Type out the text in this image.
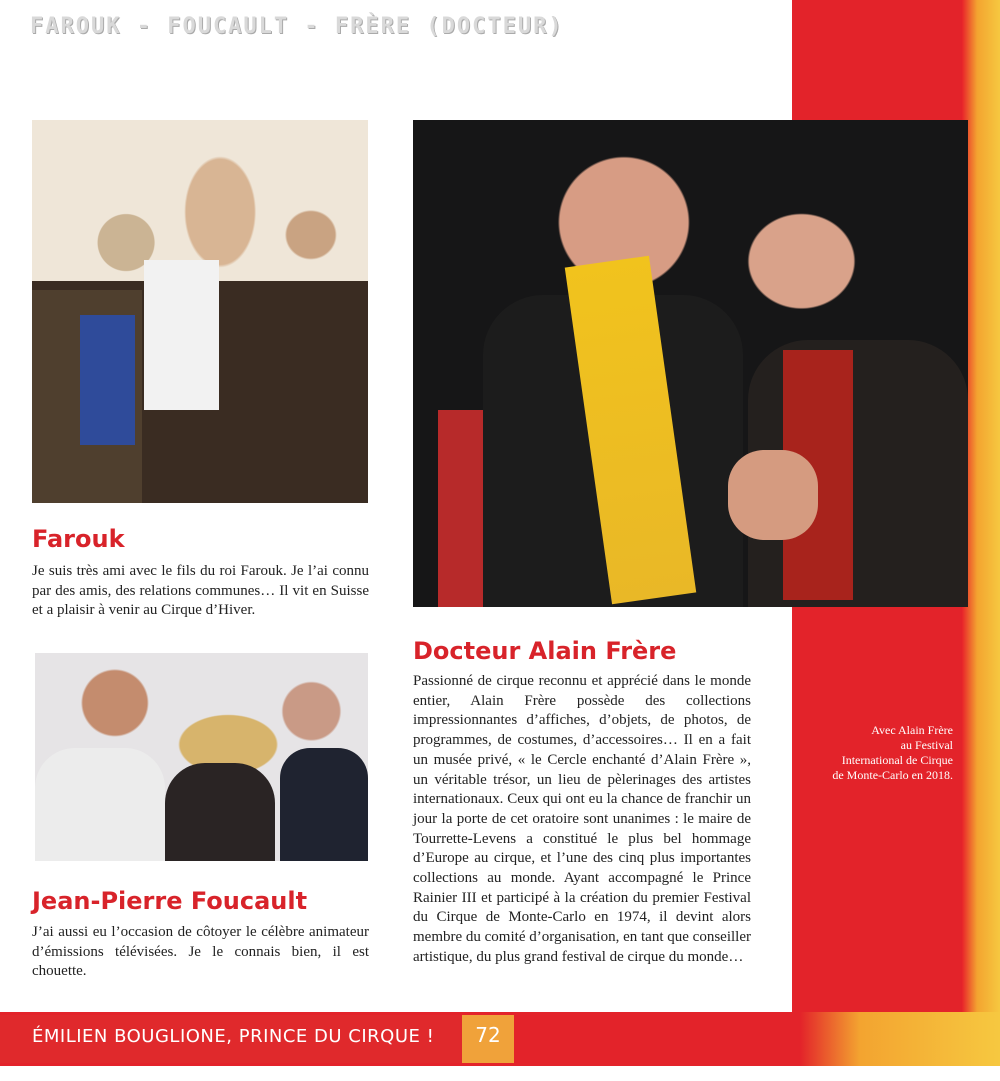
FAROUK - FOUCAULT - FRÈRE (DOCTEUR)
Farouk

Je suis très ami avec le fils du roi Farouk. Je l’ai connu par des amis, des relations communes… Il vit en Suisse et a plaisir à venir au Cirque d’Hiver.

Jean-Pierre Foucault

J’ai aussi eu l’occasion de côtoyer le célèbre animateur d’émissions télévisées. Je le connais bien, il est chouette.

Docteur Alain Frère

Passionné de cirque reconnu et apprécié dans le monde entier, Alain Frère possède des collections impressionnantes d’affiches, d’objets, de photos, de programmes, de costumes, d’accessoires… Il en a fait un musée privé, « le Cercle enchanté d’Alain Frère », un véritable trésor, un lieu de pèlerinages des artistes internationaux. Ceux qui ont eu la chance de franchir un jour la porte de cet oratoire sont unanimes : le maire de Tourrette-Levens a constitué le plus bel hommage d’Europe au cirque, et l’une des cinq plus importantes collections au monde. Ayant accompagné le Prince Rainier III et participé à la création du premier Festival du Cirque de Monte-Carlo en 1974, il devint alors membre du comité d’organisation, en tant que conseiller artistique, du plus grand festival de cirque du monde…

Avec Alain Frère
au Festival
International de Cirque
de Monte-Carlo en 2018.
ÉMILIEN BOUGLIONE, PRINCE DU CIRQUE !	72
